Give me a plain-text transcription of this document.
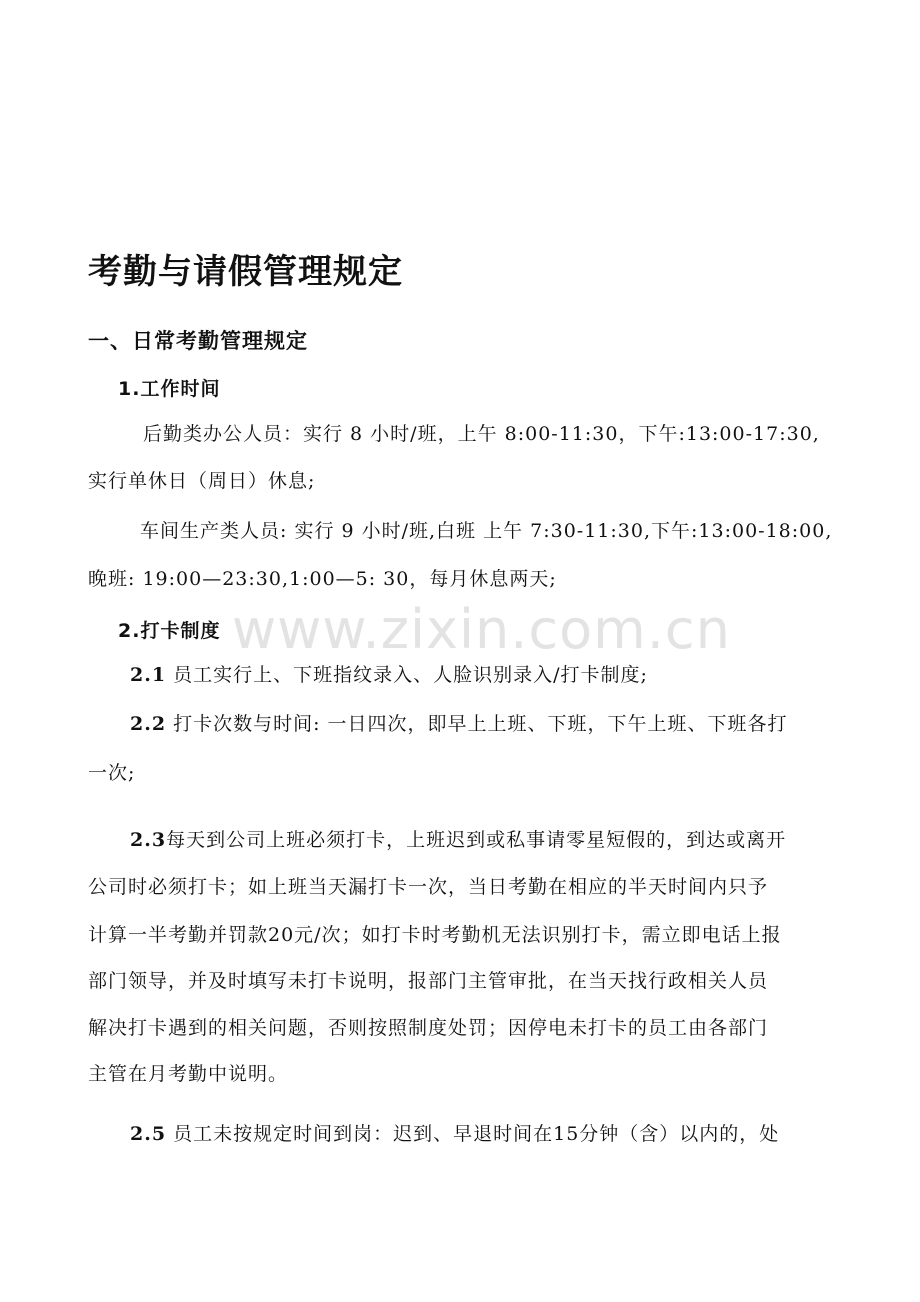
www.zixin.com.cn
考勤与请假管理规定
一、日常考勤管理规定
1.工作时间
后勤类办公人员：实行 8 小时/班，上午 8:00-11:30，下午:13:00-17:30,
实行单休日（周日）休息;
车间生产类人员: 实行 9 小时/班,白班 上午 7:30-11:30,下午:13:00-18:00,
晚班: 19:00—23:30,1:00—5: 30，每月休息两天;
2.打卡制度
2.1 员工实行上、下班指纹录入、人脸识别录入/打卡制度;
2.2 打卡次数与时间: 一日四次，即早上上班、下班，下午上班、下班各打
一次;
2.3每天到公司上班必须打卡，上班迟到或私事请零星短假的，到达或离开
公司时必须打卡；如上班当天漏打卡一次，当日考勤在相应的半天时间内只予
计算一半考勤并罚款20元/次；如打卡时考勤机无法识别打卡，需立即电话上报
部门领导，并及时填写未打卡说明，报部门主管审批，在当天找行政相关人员
解决打卡遇到的相关问题，否则按照制度处罚；因停电未打卡的员工由各部门
主管在月考勤中说明。
2.5 员工未按规定时间到岗：迟到、早退时间在15分钟（含）以内的，处
